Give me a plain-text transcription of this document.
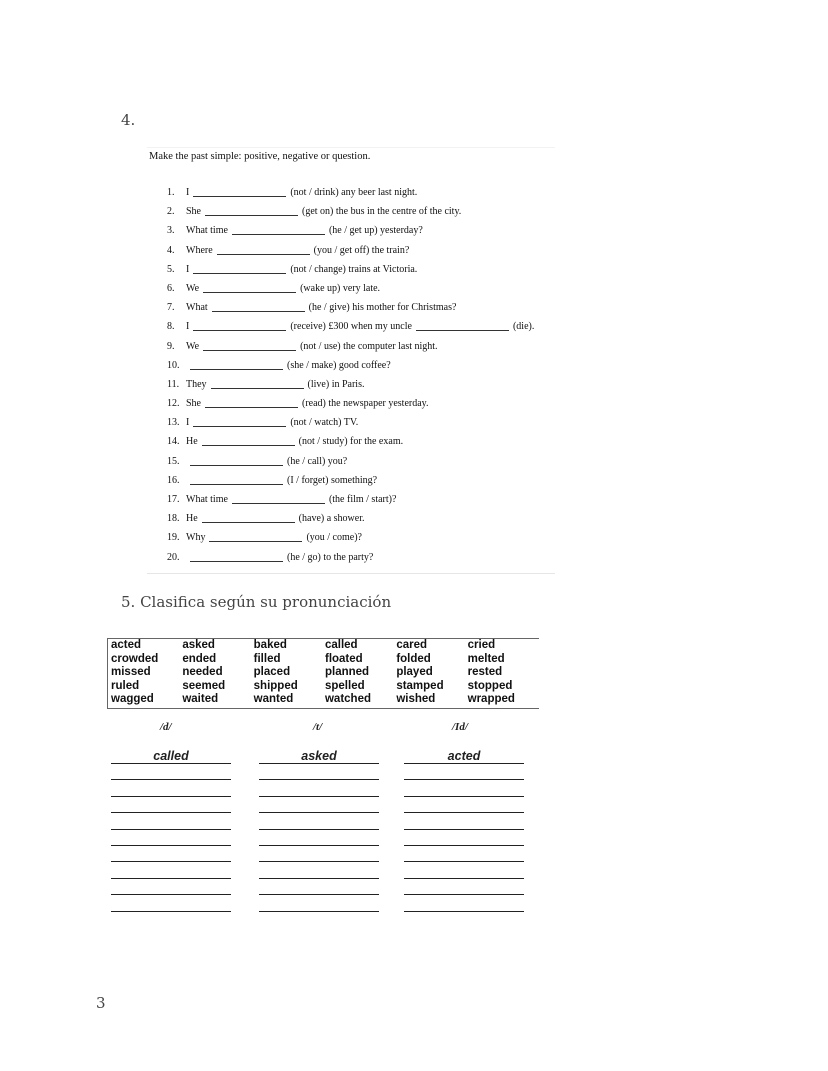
4.
Make the past simple: positive, negative or question.
1.	I	(not / drink) any beer last night.
2.	She	(get on) the bus in the centre of the city.
3.	What time	(he / get up) yesterday?
4.	Where	(you / get off) the train?
5.	I	(not / change) trains at Victoria.
6.	We	(wake up) very late.
7.	What	(he / give) his mother for Christmas?
8.	I	(receive) £300 when my uncle	(die).
9.	We	(not / use) the computer last night.
10.	(she / make) good coffee?
11. They	(live) in Paris.
12. She	(read) the newspaper yesterday.
13. I	(not / watch) TV.
14. He	(not / study) for the exam.
15.	(he / call) you?
16.	(I / forget) something?
17. What time	(the film / start)?
18. He	(have) a shower.
19. Why	(you / come)?
20.	(he / go) to the party?
5. Clasifica según su pronunciación
acted	asked	baked	called	cared	cried
crowded	ended	filled	floated	folded	melted
missed	needed	placed	planned	played	rested
ruled	seemed	shipped	spelled	stamped	stopped
wagged	waited	wanted	watched	wished	wrapped
/d/
called
/t/
asked
/Id/
acted
3
